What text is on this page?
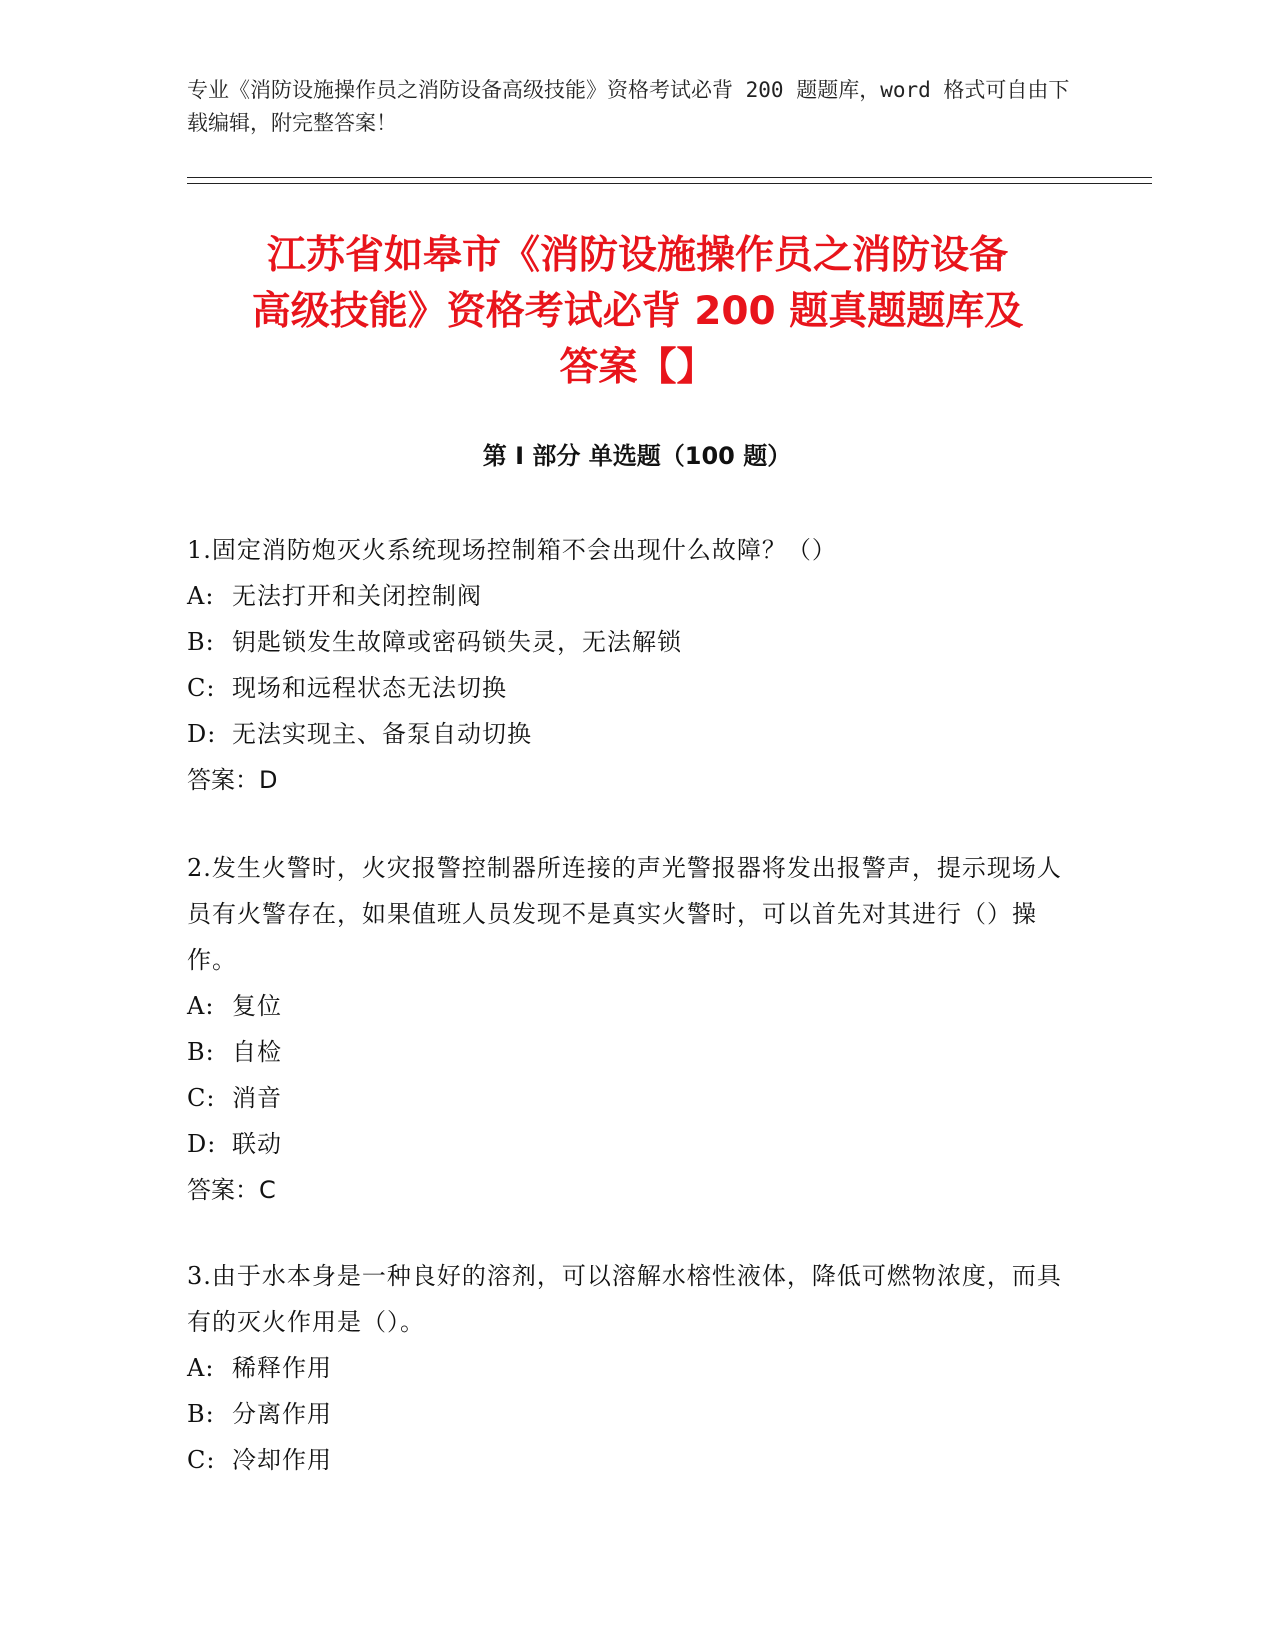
专业《消防设施操作员之消防设备高级技能》资格考试必背 200 题题库，word 格式可自由下载编辑，附完整答案！

江苏省如皋市《消防设施操作员之消防设备
高级技能》资格考试必背 200 题真题题库及
答案【】
第 I 部分 单选题（100 题）

1.固定消防炮灭火系统现场控制箱不会出现什么故障？（）

A: 无法打开和关闭控制阀
B: 钥匙锁发生故障或密码锁失灵，无法解锁
C: 现场和远程状态无法切换
D: 无法实现主、备泵自动切换
答案：D

2.发生火警时，火灾报警控制器所连接的声光警报器将发出报警声，提示现场人员有火警存在，如果值班人员发现不是真实火警时，可以首先对其进行（）操作。

A: 复位
B: 自检
C: 消音
D: 联动
答案：C

3.由于水本身是一种良好的溶剂，可以溶解水榕性液体，降低可燃物浓度，而具有的灭火作用是（）。

A: 稀释作用
B: 分离作用
C: 冷却作用
